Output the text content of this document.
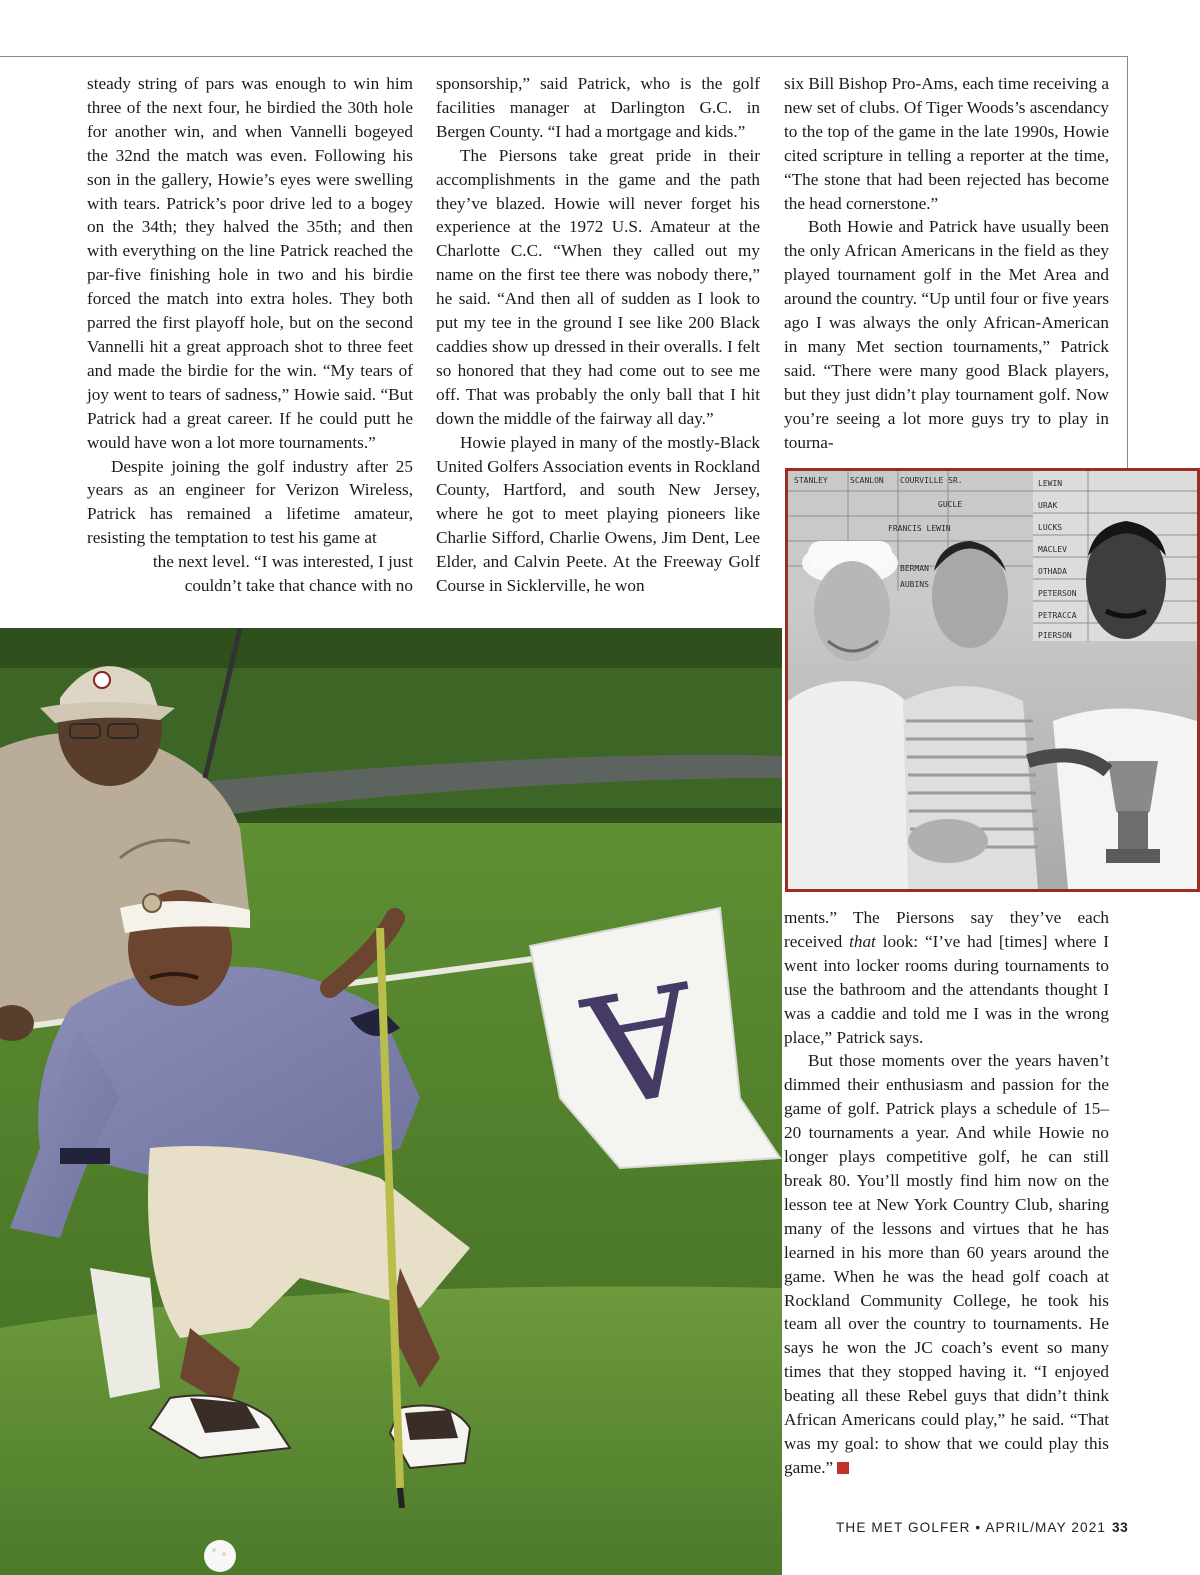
steady string of pars was enough to win him three of the next four, he birdied the 30th hole for another win, and when Vannelli bogeyed the 32nd the match was even. Following his son in the gallery, Howie’s eyes were swelling with tears. Patrick’s poor drive led to a bogey on the 34th; they halved the 35th; and then with everything on the line Patrick reached the par-five finishing hole in two and his birdie forced the match into extra holes. They both parred the first playoff hole, but on the second Vannelli hit a great approach shot to three feet and made the birdie for the win. “My tears of joy went to tears of sadness,” Howie said. “But Patrick had a great career. If he could putt he would have won a lot more tournaments.”

Despite joining the golf industry after 25 years as an engineer for Verizon Wireless, Patrick has remained a lifetime amateur, resisting the temptation to test his game at
the next level. “I was interested, I just
couldn’t take that chance with no

sponsorship,” said Patrick, who is the golf facilities manager at Darlington G.C. in Bergen County. “I had a mortgage and kids.”

The Piersons take great pride in their accomplishments in the game and the path they’ve blazed. Howie will never forget his experience at the 1972 U.S. Amateur at the Charlotte C.C. “When they called out my name on the first tee there was nobody there,” he said. “And then all of sudden as I look to put my tee in the ground I see like 200 Black caddies show up dressed in their overalls. I felt so honored that they had come out to see me off. That was probably the only ball that I hit down the middle of the fairway all day.”

Howie played in many of the mostly-Black United Golfers Association events in Rockland County, Hartford, and south New Jersey, where he got to meet playing pioneers like Charlie Sifford, Charlie Owens, Jim Dent, Lee Elder, and Calvin Peete. At the Freeway Golf Course in Sicklerville, he won

six Bill Bishop Pro-Ams, each time receiving a new set of clubs. Of Tiger Woods’s ascendancy to the top of the game in the late 1990s, Howie cited scripture in telling a reporter at the time, “The stone that had been rejected has become the head cornerstone.”

Both Howie and Patrick have usually been the only African Americans in the field as they played tournament golf in the Met Area and around the country. “Up until four or five years ago I was always the only African-American in many Met section tournaments,” Patrick said. “There were many good Black players, but they just didn’t play tournament golf. Now you’re seeing a lot more guys try to play in tourna-

STANLEY	SCANLON COURVILLE SR.
GUCLE
BERMAN
AUBINS
FRANCIS LEWIN
LEWIN
URAK
LUCKS
MACLEV
OTHADA
PETERSON
PETRACCA
PIERSON

ments.” The Piersons say they’ve each received that look: “I’ve had [times] where I went into locker rooms during tournaments to use the bathroom and the attendants thought I was a caddie and told me I was in the wrong place,” Patrick says.

But those moments over the years haven’t dimmed their enthusiasm and passion for the game of golf. Patrick plays a schedule of 15–20 tournaments a year. And while Howie no longer plays competitive golf, he can still break 80. You’ll mostly find him now on the lesson tee at New York Country Club, sharing many of the lessons and virtues that he has learned in his more than 60 years around the game. When he was the head golf coach at Rockland Community College, he took his team all over the country to tournaments. He says he won the JC coach’s event so many times that they stopped having it. “I enjoyed beating all these Rebel guys that didn’t think African Americans could play,” he said. “That was my goal: to show that we could play this game.”

Ɐ
THE MET GOLFER • APRIL/MAY 2021 33
